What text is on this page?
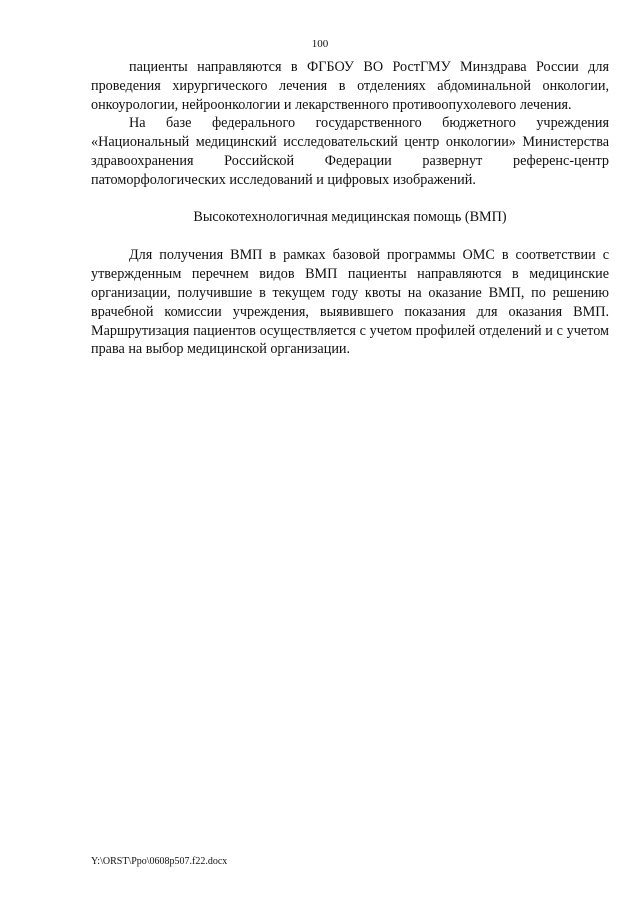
100

пациенты направляются в ФГБОУ ВО РостГМУ Минздрава России для проведения хирургического лечения в отделениях абдоминальной онкологии, онкоурологии, нейроонкологии и лекарственного противоопухолевого лечения.

На базе федерального государственного бюджетного учреждения «Национальный медицинский исследовательский центр онкологии» Министерства здравоохранения Российской Федерации развернут референс-центр патоморфологических исследований и цифровых изображений.

Высокотехнологичная медицинская помощь (ВМП)

Для получения ВМП в рамках базовой программы ОМС в соответствии с утвержденным перечнем видов ВМП пациенты направляются в медицинские организации, получившие в текущем году квоты на оказание ВМП, по решению врачебной комиссии учреждения, выявившего показания для оказания ВМП. Маршрутизация пациентов осуществляется с учетом профилей отделений и с учетом права на выбор медицинской организации.

Y:\ORST\Ppo\0608p507.f22.docx
